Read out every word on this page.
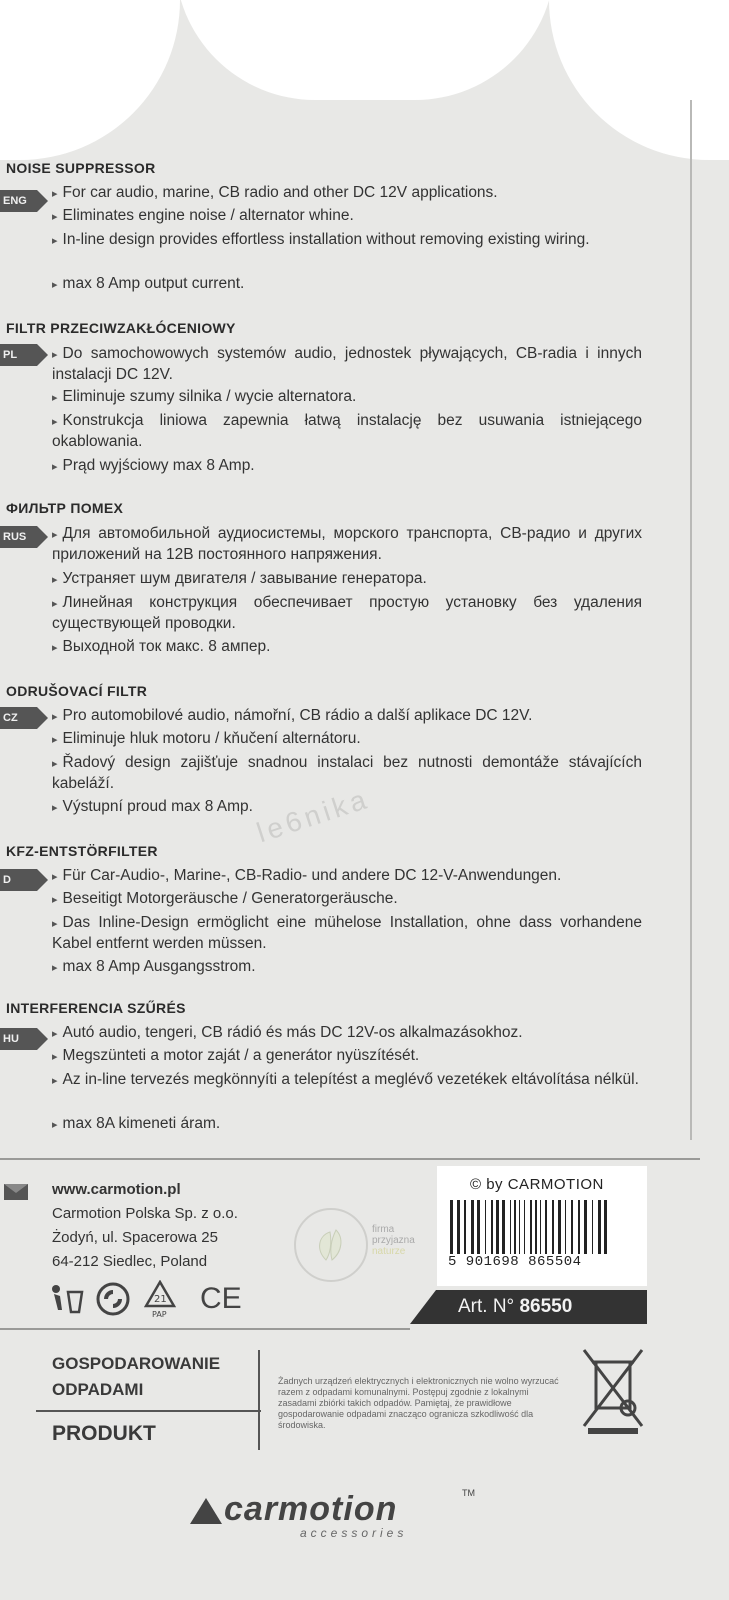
le6nika
NOISE SUPPRESSOR
ENG
▸ For car audio, marine, CB radio and other DC 12V applications.
▸ Eliminates engine noise / alternator whine.
▸ In-line design provides effortless installation without removing existing wiring.
▸ max 8 Amp output current.
FILTR PRZECIWZAKŁÓCENIOWY
PL	▸ Do samochowowych systemów audio, jednostek pływających, CB-radia i innych instalacji DC 12V.
▸ Eliminuje szumy silnika / wycie alternatora.
▸ Konstrukcja liniowa zapewnia łatwą instalację bez usuwania istniejącego okablowania.
▸ Prąd wyjściowy max 8 Amp.
ФИЛЬТР ПОМЕХ
RUS	▸ Для автомобильной аудиосистемы, морского транспорта, CB-радио и других приложений на 12В постоянного напряжения.
▸ Устраняет шум двигателя / завывание генератора.
▸ Линейная конструкция обеспечивает простую установку без удаления существующей проводки.
▸ Выходной ток макс. 8 ампер.
ODRUŠOVACÍ FILTR
CZ	▸ Pro automobilové audio, námořní, CB rádio a další aplikace DC 12V.
▸ Eliminuje hluk motoru / kňučení alternátoru.
▸ Řadový design zajišťuje snadnou instalaci bez nutnosti demontáže stávajících kabeláží.
▸ Výstupní proud max 8 Amp.
KFZ-ENTSTÖRFILTER
D	▸ Für Car-Audio-, Marine-, CB-Radio- und andere DC 12-V-Anwendungen.
▸ Beseitigt Motorgeräusche / Generatorgeräusche.
▸ Das Inline-Design ermöglicht eine mühelose Installation, ohne dass vorhandene Kabel entfernt werden müssen.
▸ max 8 Amp Ausgangsstrom.
INTERFERENCIA SZŰRÉS
HU	▸ Autó audio, tengeri, CB rádió és más DC 12V-os alkalmazásokhoz.
▸ Megszünteti a motor zaját / a generátor nyüszítését.
▸ Az in-line tervezés megkönnyíti a telepítést a meglévő vezetékek eltávolítása nélkül.
▸ max 8A kimeneti áram.
www.carmotion.pl
Carmotion Polska Sp. z o.o.
Żodyń, ul. Spacerowa 25
64-212 Siedlec, Poland
firma
przyjazna
naturze
21
PAP CE
© by CARMOTION
5 901698 865504
Art. N° 86550
GOSPODAROWANIE
ODPADAMI
PRODUKT
Żadnych urządzeń elektrycznych i elektronicznych nie wolno wyrzucać razem z odpadami komunalnymi. Postępuj zgodnie z lokalnymi zasadami zbiórki takich odpadów. Pamiętaj, że prawidłowe gospodarowanie odpadami znacząco ogranicza szkodliwość dla środowiska.
carmotion	TM
accessories
